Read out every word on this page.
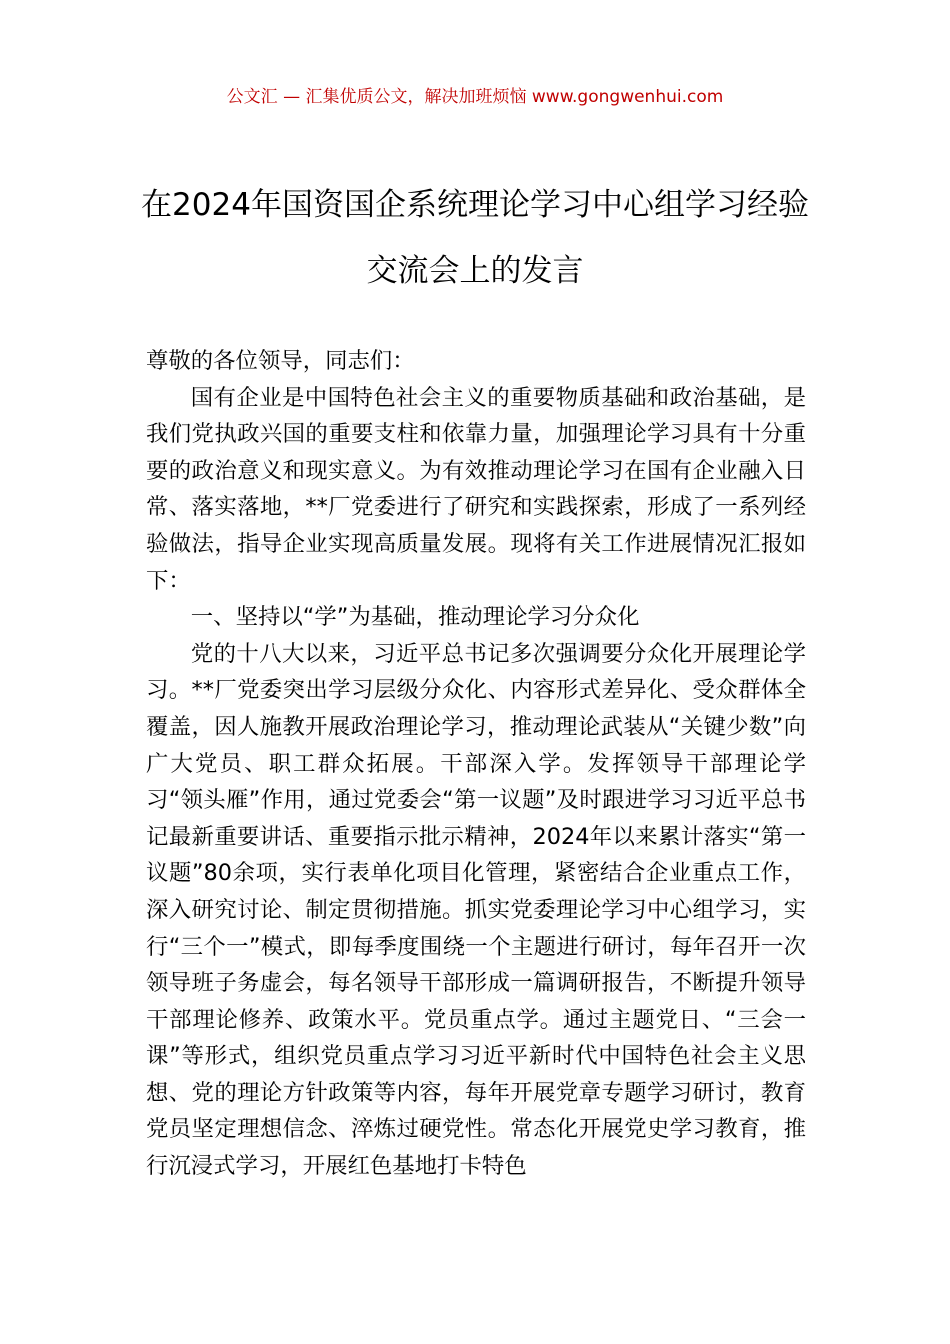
公文汇 — 汇集优质公文，解决加班烦恼 www.gongwenhui.com
在2024年国资国企系统理论学习中心组学习经验交流会上的发言

尊敬的各位领导，同志们：

国有企业是中国特色社会主义的重要物质基础和政治基础，是我们党执政兴国的重要支柱和依靠力量，加强理论学习具有十分重要的政治意义和现实意义。为有效推动理论学习在国有企业融入日常、落实落地，**厂党委进行了研究和实践探索，形成了一系列经验做法，指导企业实现高质量发展。现将有关工作进展情况汇报如下：

一、坚持以“学”为基础，推动理论学习分众化

党的十八大以来，习近平总书记多次强调要分众化开展理论学习。**厂党委突出学习层级分众化、内容形式差异化、受众群体全覆盖，因人施教开展政治理论学习，推动理论武装从“关键少数”向广大党员、职工群众拓展。干部深入学。发挥领导干部理论学习“领头雁”作用，通过党委会“第一议题”及时跟进学习习近平总书记最新重要讲话、重要指示批示精神，2024年以来累计落实“第一议题”80余项，实行表单化项目化管理，紧密结合企业重点工作，深入研究讨论、制定贯彻措施。抓实党委理论学习中心组学习，实行“三个一”模式，即每季度围绕一个主题进行研讨，每年召开一次领导班子务虚会，每名领导干部形成一篇调研报告，不断提升领导干部理论修养、政策水平。党员重点学。通过主题党日、“三会一课”等形式，组织党员重点学习习近平新时代中国特色社会主义思想、党的理论方针政策等内容，每年开展党章专题学习研讨，教育党员坚定理想信念、淬炼过硬党性。常态化开展党史学习教育，推行沉浸式学习，开展红色基地打卡特色
